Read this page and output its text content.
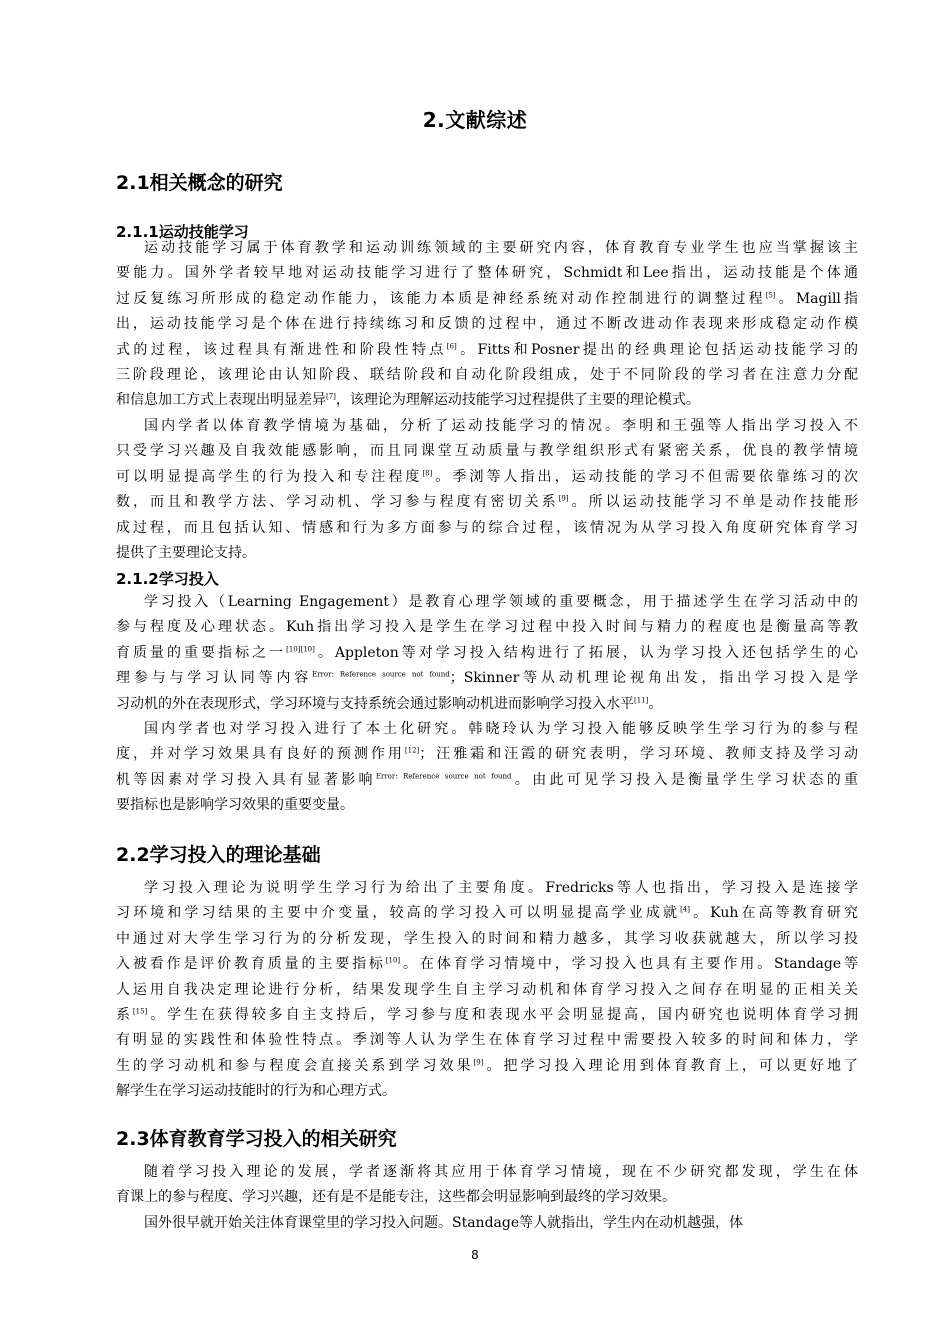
2.文献综述
2.1相关概念的研究
2.1.1运动技能学习
运动技能学习属于体育教学和运动训练领域的主要研究内容，体育教育专业学生也应当掌握该主
要能力。国外学者较早地对运动技能学习进行了整体研究，Schmidt和Lee指出，运动技能是个体通
过反复练习所形成的稳定动作能力，该能力本质是神经系统对动作控制进行的调整过程[5]。Magill指
出，运动技能学习是个体在进行持续练习和反馈的过程中，通过不断改进动作表现来形成稳定动作模
式的过程，该过程具有渐进性和阶段性特点[6]。Fitts和Posner提出的经典理论包括运动技能学习的
三阶段理论，该理论由认知阶段、联结阶段和自动化阶段组成，处于不同阶段的学习者在注意力分配
和信息加工方式上表现出明显差异[7]，该理论为理解运动技能学习过程提供了主要的理论模式。
国内学者以体育教学情境为基础，分析了运动技能学习的情况。李明和王强等人指出学习投入不
只受学习兴趣及自我效能感影响，而且同课堂互动质量与教学组织形式有紧密关系，优良的教学情境
可以明显提高学生的行为投入和专注程度[8]。季浏等人指出，运动技能的学习不但需要依靠练习的次
数，而且和教学方法、学习动机、学习参与程度有密切关系[9]。所以运动技能学习不单是动作技能形
成过程，而且包括认知、情感和行为多方面参与的综合过程，该情况为从学习投入角度研究体育学习
提供了主要理论支持。
2.1.2学习投入
学习投入（Learning Engagement）是教育心理学领域的重要概念，用于描述学生在学习活动中的
参与程度及心理状态。Kuh指出学习投入是学生在学习过程中投入时间与精力的程度也是衡量高等教
育质量的重要指标之一[10][10]。Appleton等对学习投入结构进行了拓展，认为学习投入还包括学生的心
理参与与学习认同等内容$^{Error: Reference source not found}$；Skinner等从动机理论视角出发，指出学习投入是学
习动机的外在表现形式，学习环境与支持系统会通过影响动机进而影响学习投入水平[11]。
国内学者也对学习投入进行了本土化研究。韩晓玲认为学习投入能够反映学生学习行为的参与程
度，并对学习效果具有良好的预测作用[12]；汪雅霜和汪霞的研究表明，学习环境、教师支持及学习动
机等因素对学习投入具有显著影响$^{Error: Reference source not found}$。由此可见学习投入是衡量学生学习状态的重
要指标也是影响学习效果的重要变量。
2.2学习投入的理论基础
学习投入理论为说明学生学习行为给出了主要角度。Fredricks等人也指出，学习投入是连接学
习环境和学习结果的主要中介变量，较高的学习投入可以明显提高学业成就[4]。Kuh在高等教育研究
中通过对大学生学习行为的分析发现，学生投入的时间和精力越多，其学习收获就越大，所以学习投
入被看作是评价教育质量的主要指标[10]。在体育学习情境中，学习投入也具有主要作用。Standage等
人运用自我决定理论进行分析，结果发现学生自主学习动机和体育学习投入之间存在明显的正相关关
系[15]。学生在获得较多自主支持后，学习参与度和表现水平会明显提高，国内研究也说明体育学习拥
有明显的实践性和体验性特点。季浏等人认为学生在体育学习过程中需要投入较多的时间和体力，学
生的学习动机和参与程度会直接关系到学习效果[9]。把学习投入理论用到体育教育上，可以更好地了
解学生在学习运动技能时的行为和心理方式。
2.3体育教育学习投入的相关研究
随着学习投入理论的发展，学者逐渐将其应用于体育学习情境，现在不少研究都发现，学生在体
育课上的参与程度、学习兴趣，还有是不是能专注，这些都会明显影响到最终的学习效果。
国外很早就开始关注体育课堂里的学习投入问题。Standage等人就指出，学生内在动机越强，体
8
